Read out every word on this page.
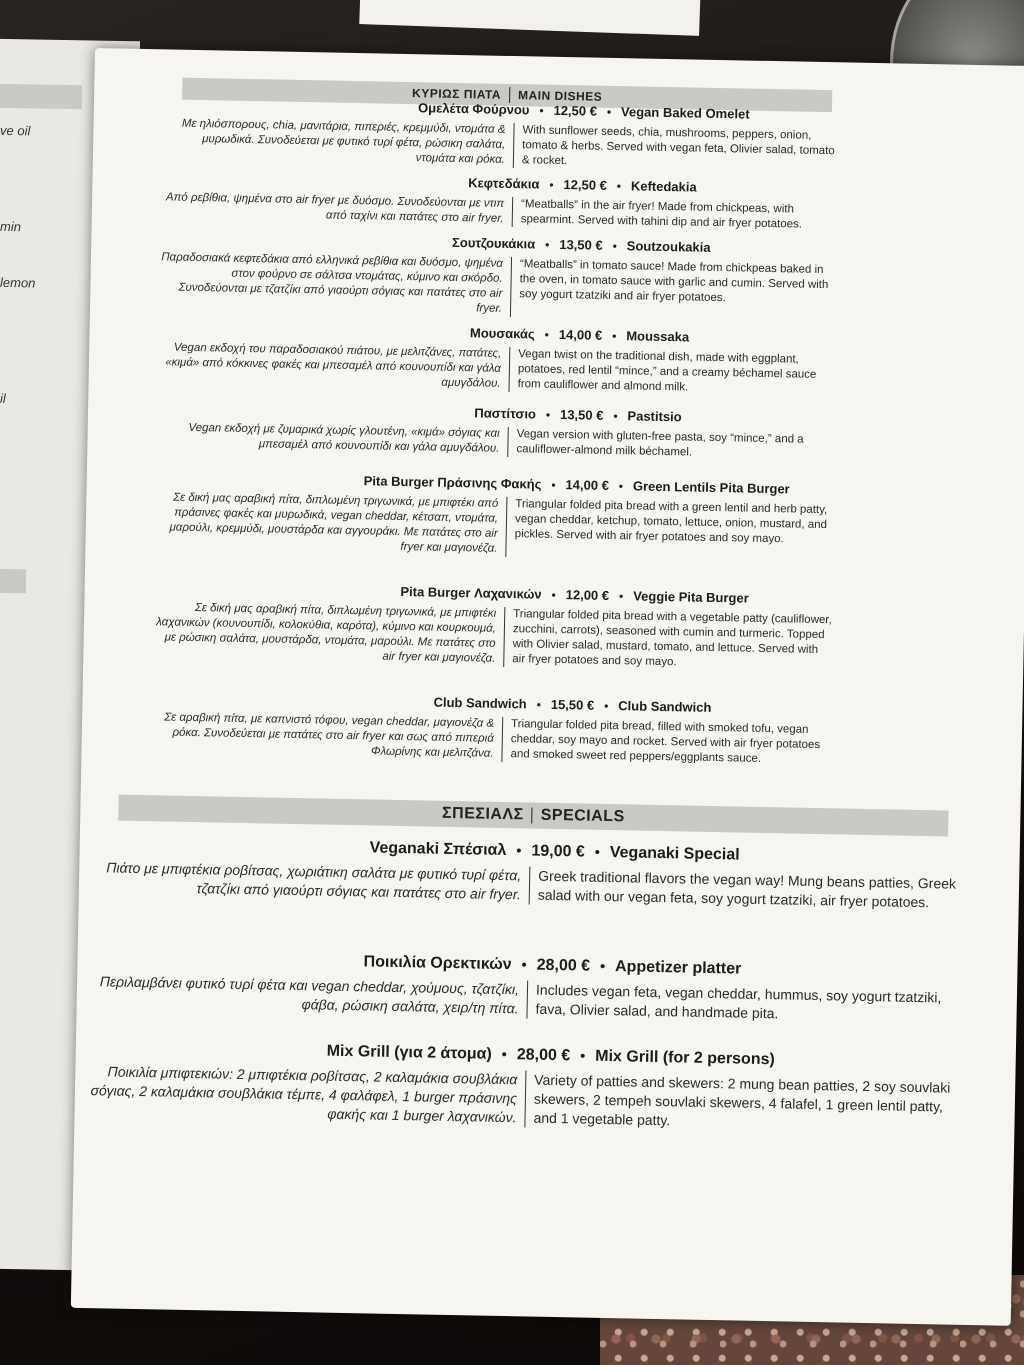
ve oil
min
lemon
il
ΚΥΡΙΩΣ ΠΙΑΤΑ MAIN DISHES
Ομελέτα Φούρνου • 12,50 € • Vegan Baked Omelet
Με ηλιόσπορους, chia, μανιτάρια, πιπεριές, κρεμμύδι, ντομάτα & μυρωδικά. Συνοδεύεται με φυτικό τυρί φέτα, ρώσικη σαλάτα, ντομάτα και ρόκα.
With sunflower seeds, chia, mushrooms, peppers, onion, tomato & herbs. Served with vegan feta, Olivier salad, tomato & rocket.
Κεφτεδάκια • 12,50 € • Keftedakia
Από ρεβίθια, ψημένα στο air fryer με δυόσμο. Συνοδεύονται με ντιπ από ταχίνι και πατάτες στο air fryer.
“Meatballs” in the air fryer! Made from chickpeas, with spearmint. Served with tahini dip and air fryer potatoes.
Σουτζουκάκια • 13,50 € • Soutzoukakia
Παραδοσιακά κεφτεδάκια από ελληνικά ρεβίθια και δυόσμο, ψημένα στον φούρνο σε σάλτσα ντομάτας, κύμινο και σκόρδο. Συνοδεύονται με τζατζίκι από γιαούρτι σόγιας και πατάτες στο air fryer.
“Meatballs” in tomato sauce! Made from chickpeas baked in the oven, in tomato sauce with garlic and cumin. Served with soy yogurt tzatziki and air fryer potatoes.
Μουσακάς • 14,00 € • Moussaka
Vegan εκδοχή του παραδοσιακού πιάτου, με μελιτζάνες, πατάτες, «κιμά» από κόκκινες φακές και μπεσαμέλ από κουνουπίδι και γάλα αμυγδάλου.
Vegan twist on the traditional dish, made with eggplant, potatoes, red lentil “mince,” and a creamy béchamel sauce from cauliflower and almond milk.
Παστίτσιο • 13,50 € • Pastitsio
Vegan εκδοχή με ζυμαρικά χωρίς γλουτένη, «κιμά» σόγιας και μπεσαμέλ από κουνουπίδι και γάλα αμυγδάλου.
Vegan version with gluten-free pasta, soy “mince,” and a cauliflower-almond milk béchamel.
Pita Burger Πράσινης Φακής • 14,00 € • Green Lentils Pita Burger
Σε δική μας αραβική πίτα, διπλωμένη τριγωνικά, με μπιφτέκι από πράσινες φακές και μυρωδικά, vegan cheddar, κέτσαπ, ντομάτα, μαρούλι, κρεμμύδι, μουστάρδα και αγγουράκι. Με πατάτες στο air fryer και μαγιονέζα.
Triangular folded pita bread with a green lentil and herb patty, vegan cheddar, ketchup, tomato, lettuce, onion, mustard, and pickles. Served with air fryer potatoes and soy mayo.
Pita Burger Λαχανικών • 12,00 € • Veggie Pita Burger
Σε δική μας αραβική πίτα, διπλωμένη τριγωνικά, με μπιφτέκι λαχανικών (κουνουπίδι, κολοκύθια, καρότα), κύμινο και κουρκουμά, με ρώσικη σαλάτα, μουστάρδα, ντομάτα, μαρούλι. Με πατάτες στο air fryer και μαγιονέζα.
Triangular folded pita bread with a vegetable patty (cauliflower, zucchini, carrots), seasoned with cumin and turmeric. Topped with Olivier salad, mustard, tomato, and lettuce. Served with air fryer potatoes and soy mayo.
Club Sandwich • 15,50 € • Club Sandwich
Σε αραβική πίτα, με καπνιστό τόφου, vegan cheddar, μαγιονέζα & ρόκα. Συνοδεύεται με πατάτες στο air fryer και σως από πιπεριά Φλωρίνης και μελιτζάνα.
Triangular folded pita bread, filled with smoked tofu, vegan cheddar, soy mayo and rocket. Served with air fryer potatoes and smoked sweet red peppers/eggplants sauce.
ΣΠΕΣΙΑΛΣ SPECIALS
Veganaki Σπέσιαλ • 19,00 € • Veganaki Special
Πιάτο με μπιφτέκια ροβίτσας, χωριάτικη σαλάτα με φυτικό τυρί φέτα, τζατζίκι από γιαούρτι σόγιας και πατάτες στο air fryer.	Greek traditional flavors the vegan way! Mung beans patties, Greek salad with our vegan feta, soy yogurt tzatziki, air fryer potatoes.
Ποικιλία Ορεκτικών • 28,00 € • Appetizer platter
Περιλαμβάνει φυτικό τυρί φέτα και vegan cheddar, χούμους, τζατζίκι, φάβα, ρώσικη σαλάτα, χειρ/τη πίτα.
Includes vegan feta, vegan cheddar, hummus, soy yogurt tzatziki, fava, Olivier salad, and handmade pita.
Mix Grill (για 2 άτομα) • 28,00 € • Mix Grill (for 2 persons)
Ποικιλία μπιφτεκιών: 2 μπιφτέκια ροβίτσας, 2 καλαμάκια σουβλάκια σόγιας, 2 καλαμάκια σουβλάκια τέμπε, 4 φαλάφελ, 1 burger πράσινης φακής και 1 burger λαχανικών.
Variety of patties and skewers: 2 mung bean patties, 2 soy souvlaki skewers, 2 tempeh souvlaki skewers, 4 falafel, 1 green lentil patty, and 1 vegetable patty.
